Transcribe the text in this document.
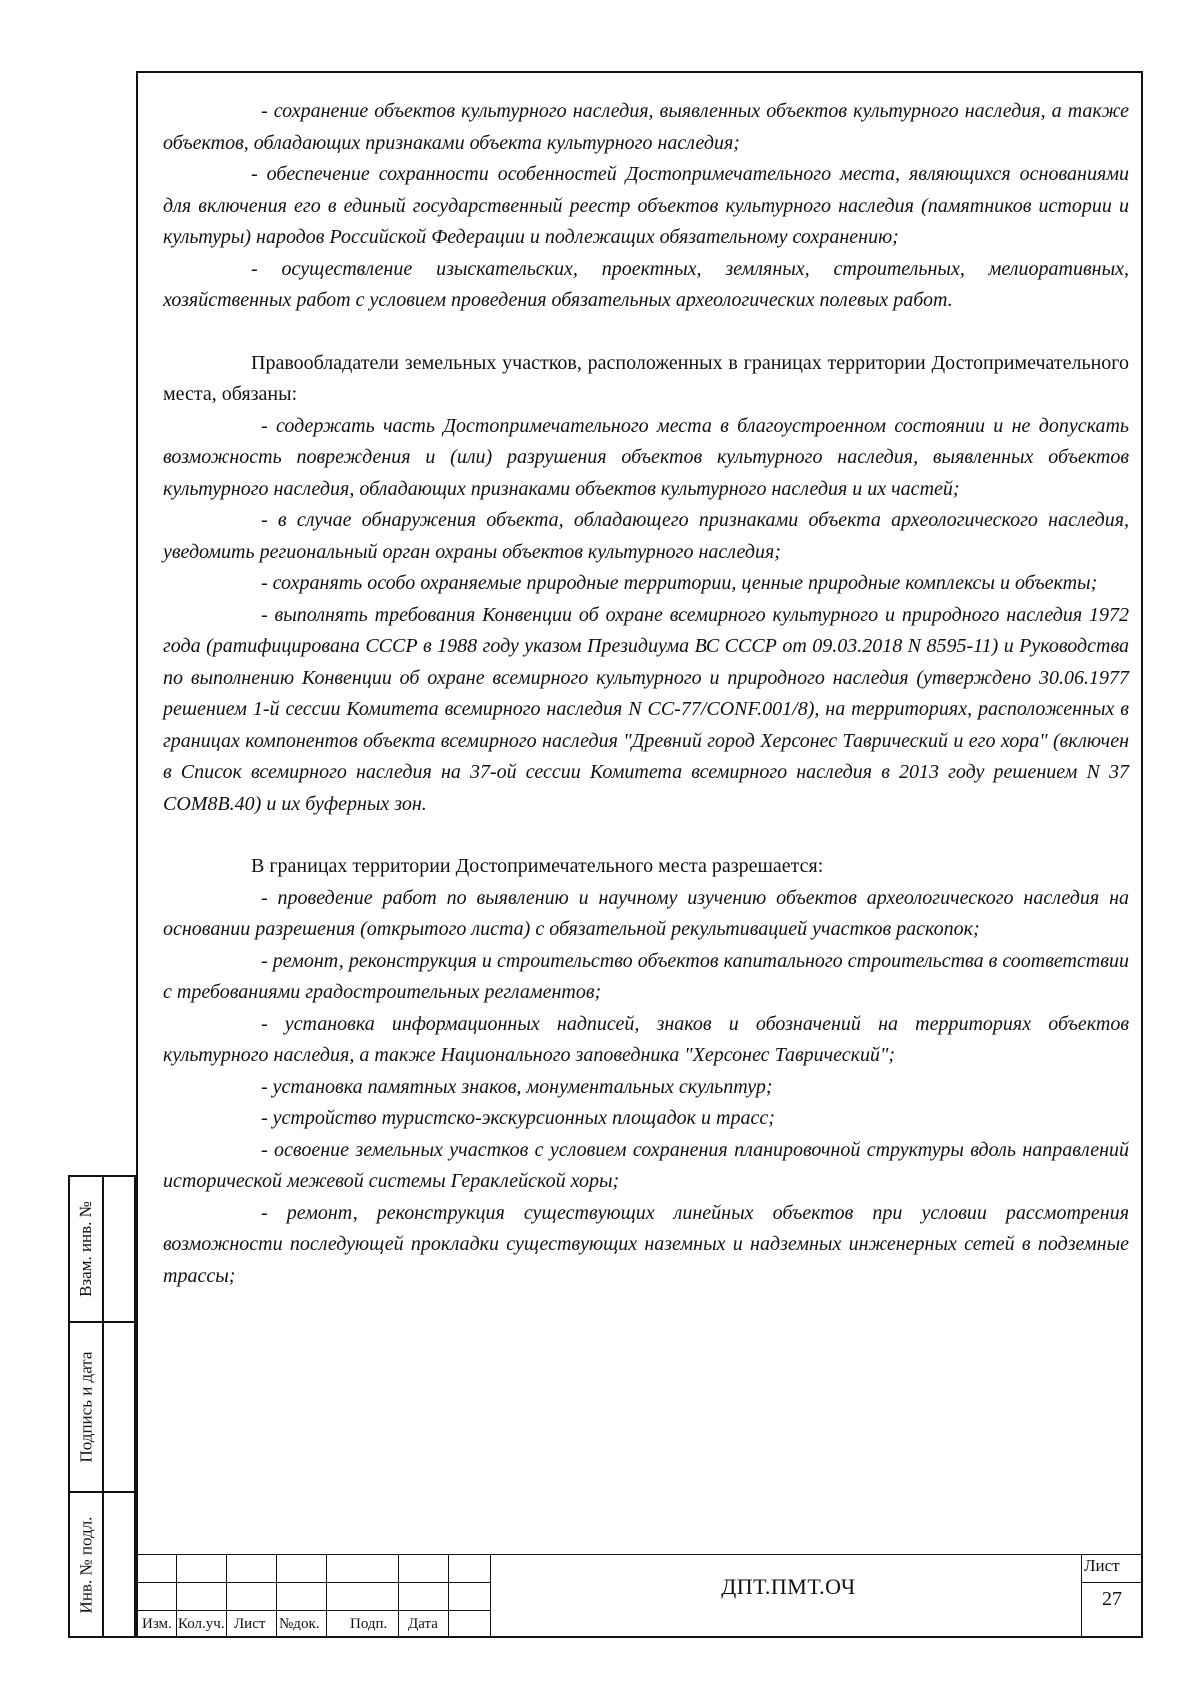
- сохранение объектов культурного наследия, выявленных объектов культурного наследия, а также объектов, обладающих признаками объекта культурного наследия;

- обеспечение сохранности особенностей Достопримечательного места, являющихся основаниями для включения его в единый государственный реестр объектов культурного наследия (памятников истории и культуры) народов Российской Федерации и подлежащих обязательному сохранению;

- осуществление изыскательских, проектных, земляных, строительных, мелиоративных, хозяйственных работ с условием проведения обязательных археологических полевых работ.

Правообладатели земельных участков, расположенных в границах территории Достопримечательного места, обязаны:

- содержать часть Достопримечательного места в благоустроенном состоянии и не допускать возможность повреждения и (или) разрушения объектов культурного наследия, выявленных объектов культурного наследия, обладающих признаками объектов культурного наследия и их частей;

- в случае обнаружения объекта, обладающего признаками объекта археологического наследия, уведомить региональный орган охраны объектов культурного наследия;

- сохранять особо охраняемые природные территории, ценные природные комплексы и объекты;

- выполнять требования Конвенции об охране всемирного культурного и природного наследия 1972 года (ратифицирована СССР в 1988 году указом Президиума ВС СССР от 09.03.2018 N 8595-11) и Руководства по выполнению Конвенции об охране всемирного культурного и природного наследия (утверждено 30.06.1977 решением 1-й сессии Комитета всемирного наследия N CC-77/CONF.001/8), на территориях, расположенных в границах компонентов объекта всемирного наследия "Древний город Херсонес Таврический и его хора" (включен в Список всемирного наследия на 37-ой сессии Комитета всемирного наследия в 2013 году решением N 37 COM8B.40) и их буферных зон.

В границах территории Достопримечательного места разрешается:

- проведение работ по выявлению и научному изучению объектов археологического наследия на основании разрешения (открытого листа) с обязательной рекультивацией участков раскопок;

- ремонт, реконструкция и строительство объектов капитального строительства в соответствии с требованиями градостроительных регламентов;

- установка информационных надписей, знаков и обозначений на территориях объектов культурного наследия, а также Национального заповедника "Херсонес Таврический";

- установка памятных знаков, монументальных скульптур;

- устройство туристско-экскурсионных площадок и трасс;

- освоение земельных участков с условием сохранения планировочной структуры вдоль направлений исторической межевой системы Гераклейской хоры;

- ремонт, реконструкция существующих линейных объектов при условии рассмотрения возможности последующей прокладки существующих наземных и надземных инженерных сетей в подземные трассы;

Взам. инв. №
Подпись и дата
Инв. № подл.
Изм. Кол.уч. Лист №док. Подп. Дата
ДПТ.ПМТ.ОЧ
Лист
27
